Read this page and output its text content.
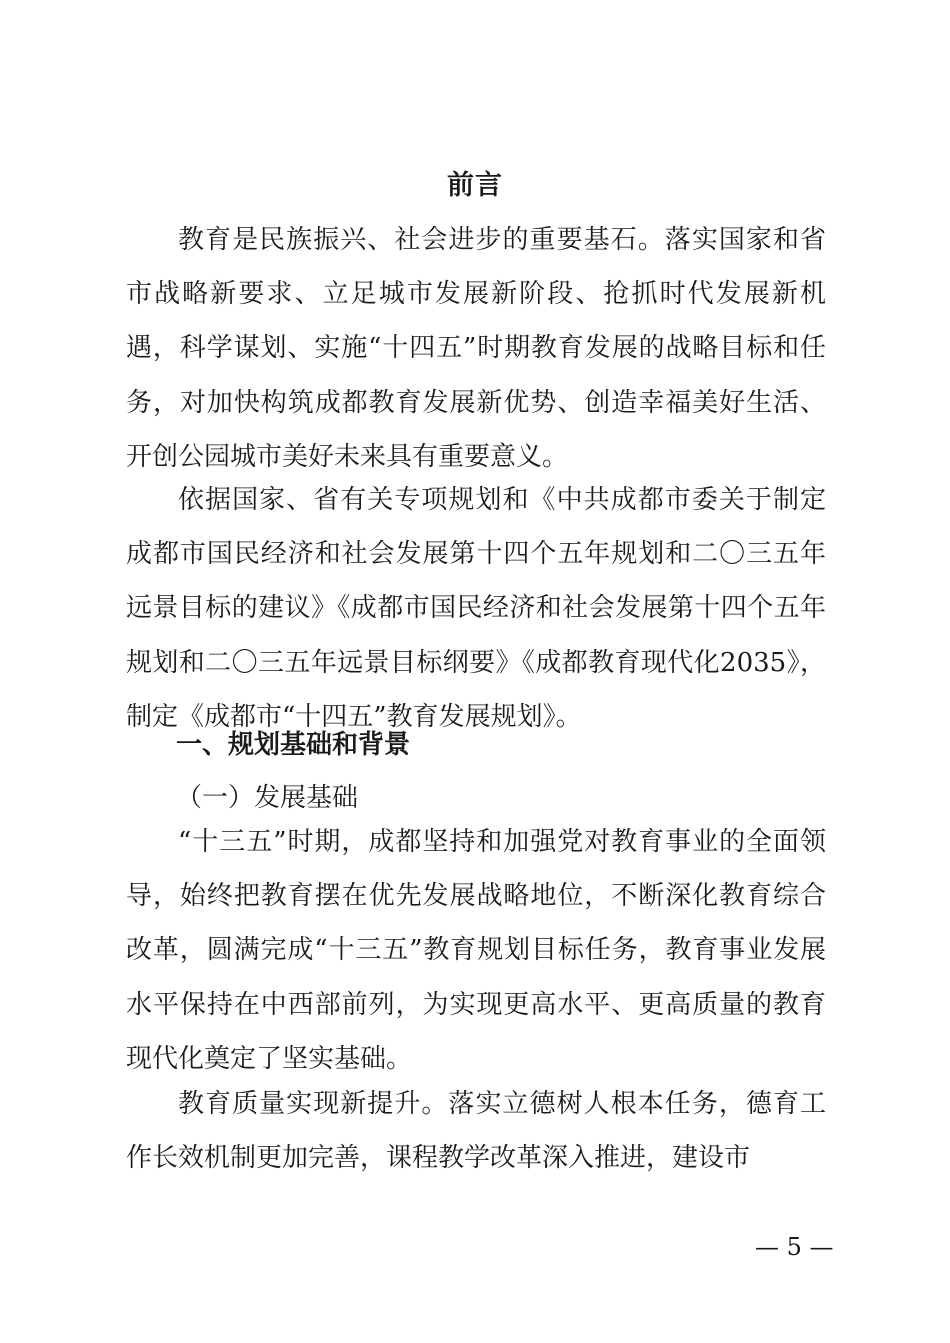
前言

教育是民族振兴、社会进步的重要基石。落实国家和省市战略新要求、立足城市发展新阶段、抢抓时代发展新机遇，科学谋划、实施“十四五”时期教育发展的战略目标和任务，对加快构筑成都教育发展新优势、创造幸福美好生活、开创公园城市美好未来具有重要意义。

依据国家、省有关专项规划和《中共成都市委关于制定成都市国民经济和社会发展第十四个五年规划和二〇三五年远景目标的建议》《成都市国民经济和社会发展第十四个五年规划和二〇三五年远景目标纲要》《成都教育现代化2035》，制定《成都市“十四五”教育发展规划》。

一、规划基础和背景
（一）发展基础

“十三五”时期，成都坚持和加强党对教育事业的全面领导，始终把教育摆在优先发展战略地位，不断深化教育综合改革，圆满完成“十三五”教育规划目标任务，教育事业发展水平保持在中西部前列，为实现更高水平、更高质量的教育现代化奠定了坚实基础。

教育质量实现新提升。落实立德树人根本任务，德育工作长效机制更加完善，课程教学改革深入推进，建设市

— 5 —
